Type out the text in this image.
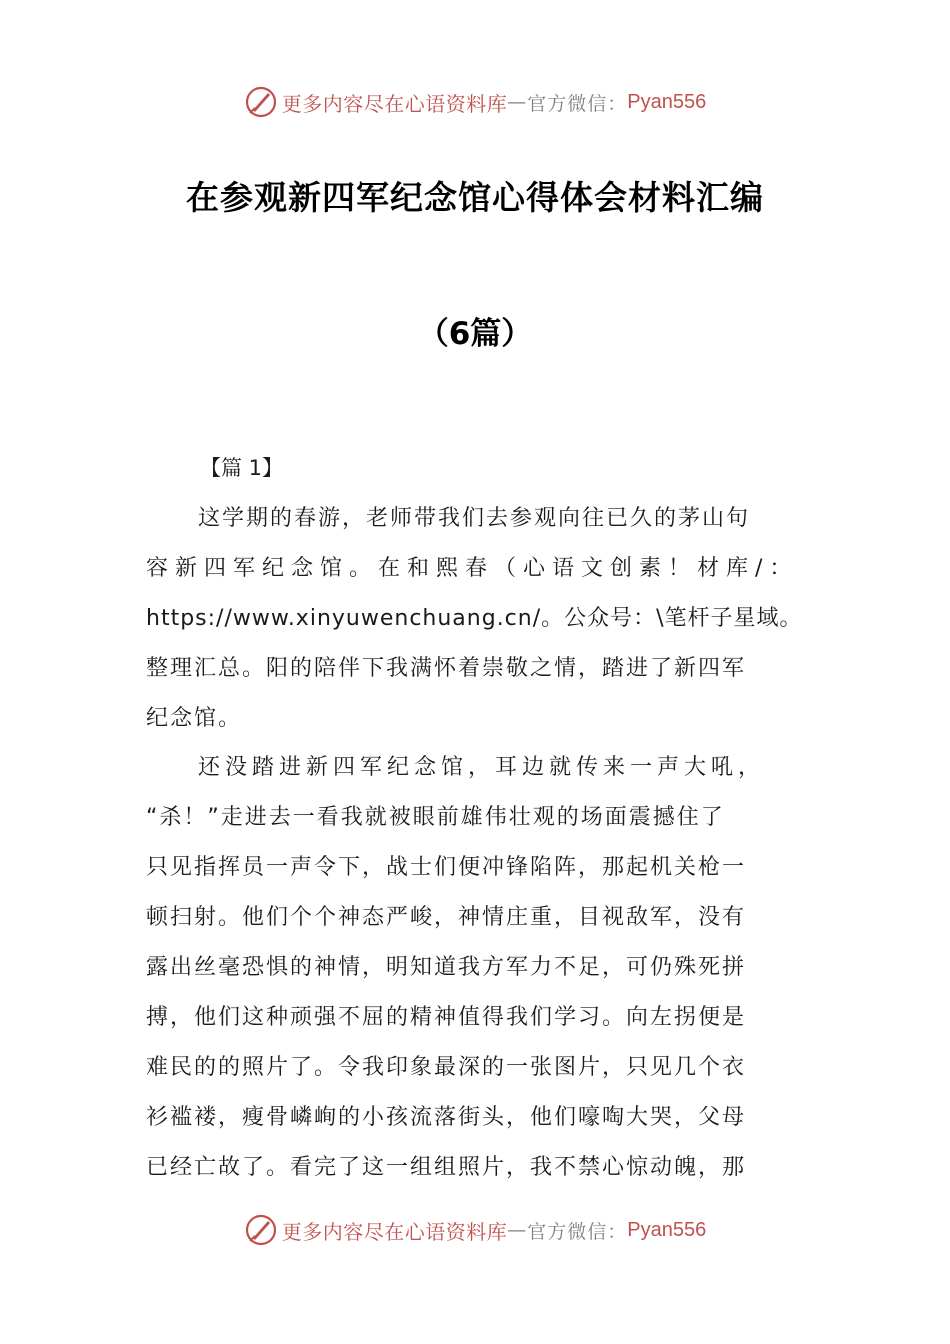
更多内容尽在心语资料库 — 官方微信： Pyan556
在参观新四军纪念馆心得体会材料汇编
（6篇）
【篇 1】
这学期的春游，老师带我们去参观向往已久的茅山句
容新四军纪念馆。在和熙春（心语文创素！材库/：
https://www.xinyuwenchuang.cn/。公众号：\笔杆子星域。
整理汇总。阳的陪伴下我满怀着崇敬之情，踏进了新四军
纪念馆。
还没踏进新四军纪念馆，耳边就传来一声大吼，
“杀！”走进去一看我就被眼前雄伟壮观的场面震撼住了
只见指挥员一声令下，战士们便冲锋陷阵，那起机关枪一
顿扫射。他们个个神态严峻，神情庄重，目视敌军，没有
露出丝毫恐惧的神情，明知道我方军力不足，可仍殊死拼
搏，他们这种顽强不屈的精神值得我们学习。向左拐便是
难民的的照片了。令我印象最深的一张图片，只见几个衣
衫褴褛，瘦骨嶙峋的小孩流落街头，他们嚎啕大哭，父母
已经亡故了。看完了这一组组照片，我不禁心惊动魄，那
更多内容尽在心语资料库 — 官方微信： Pyan556
